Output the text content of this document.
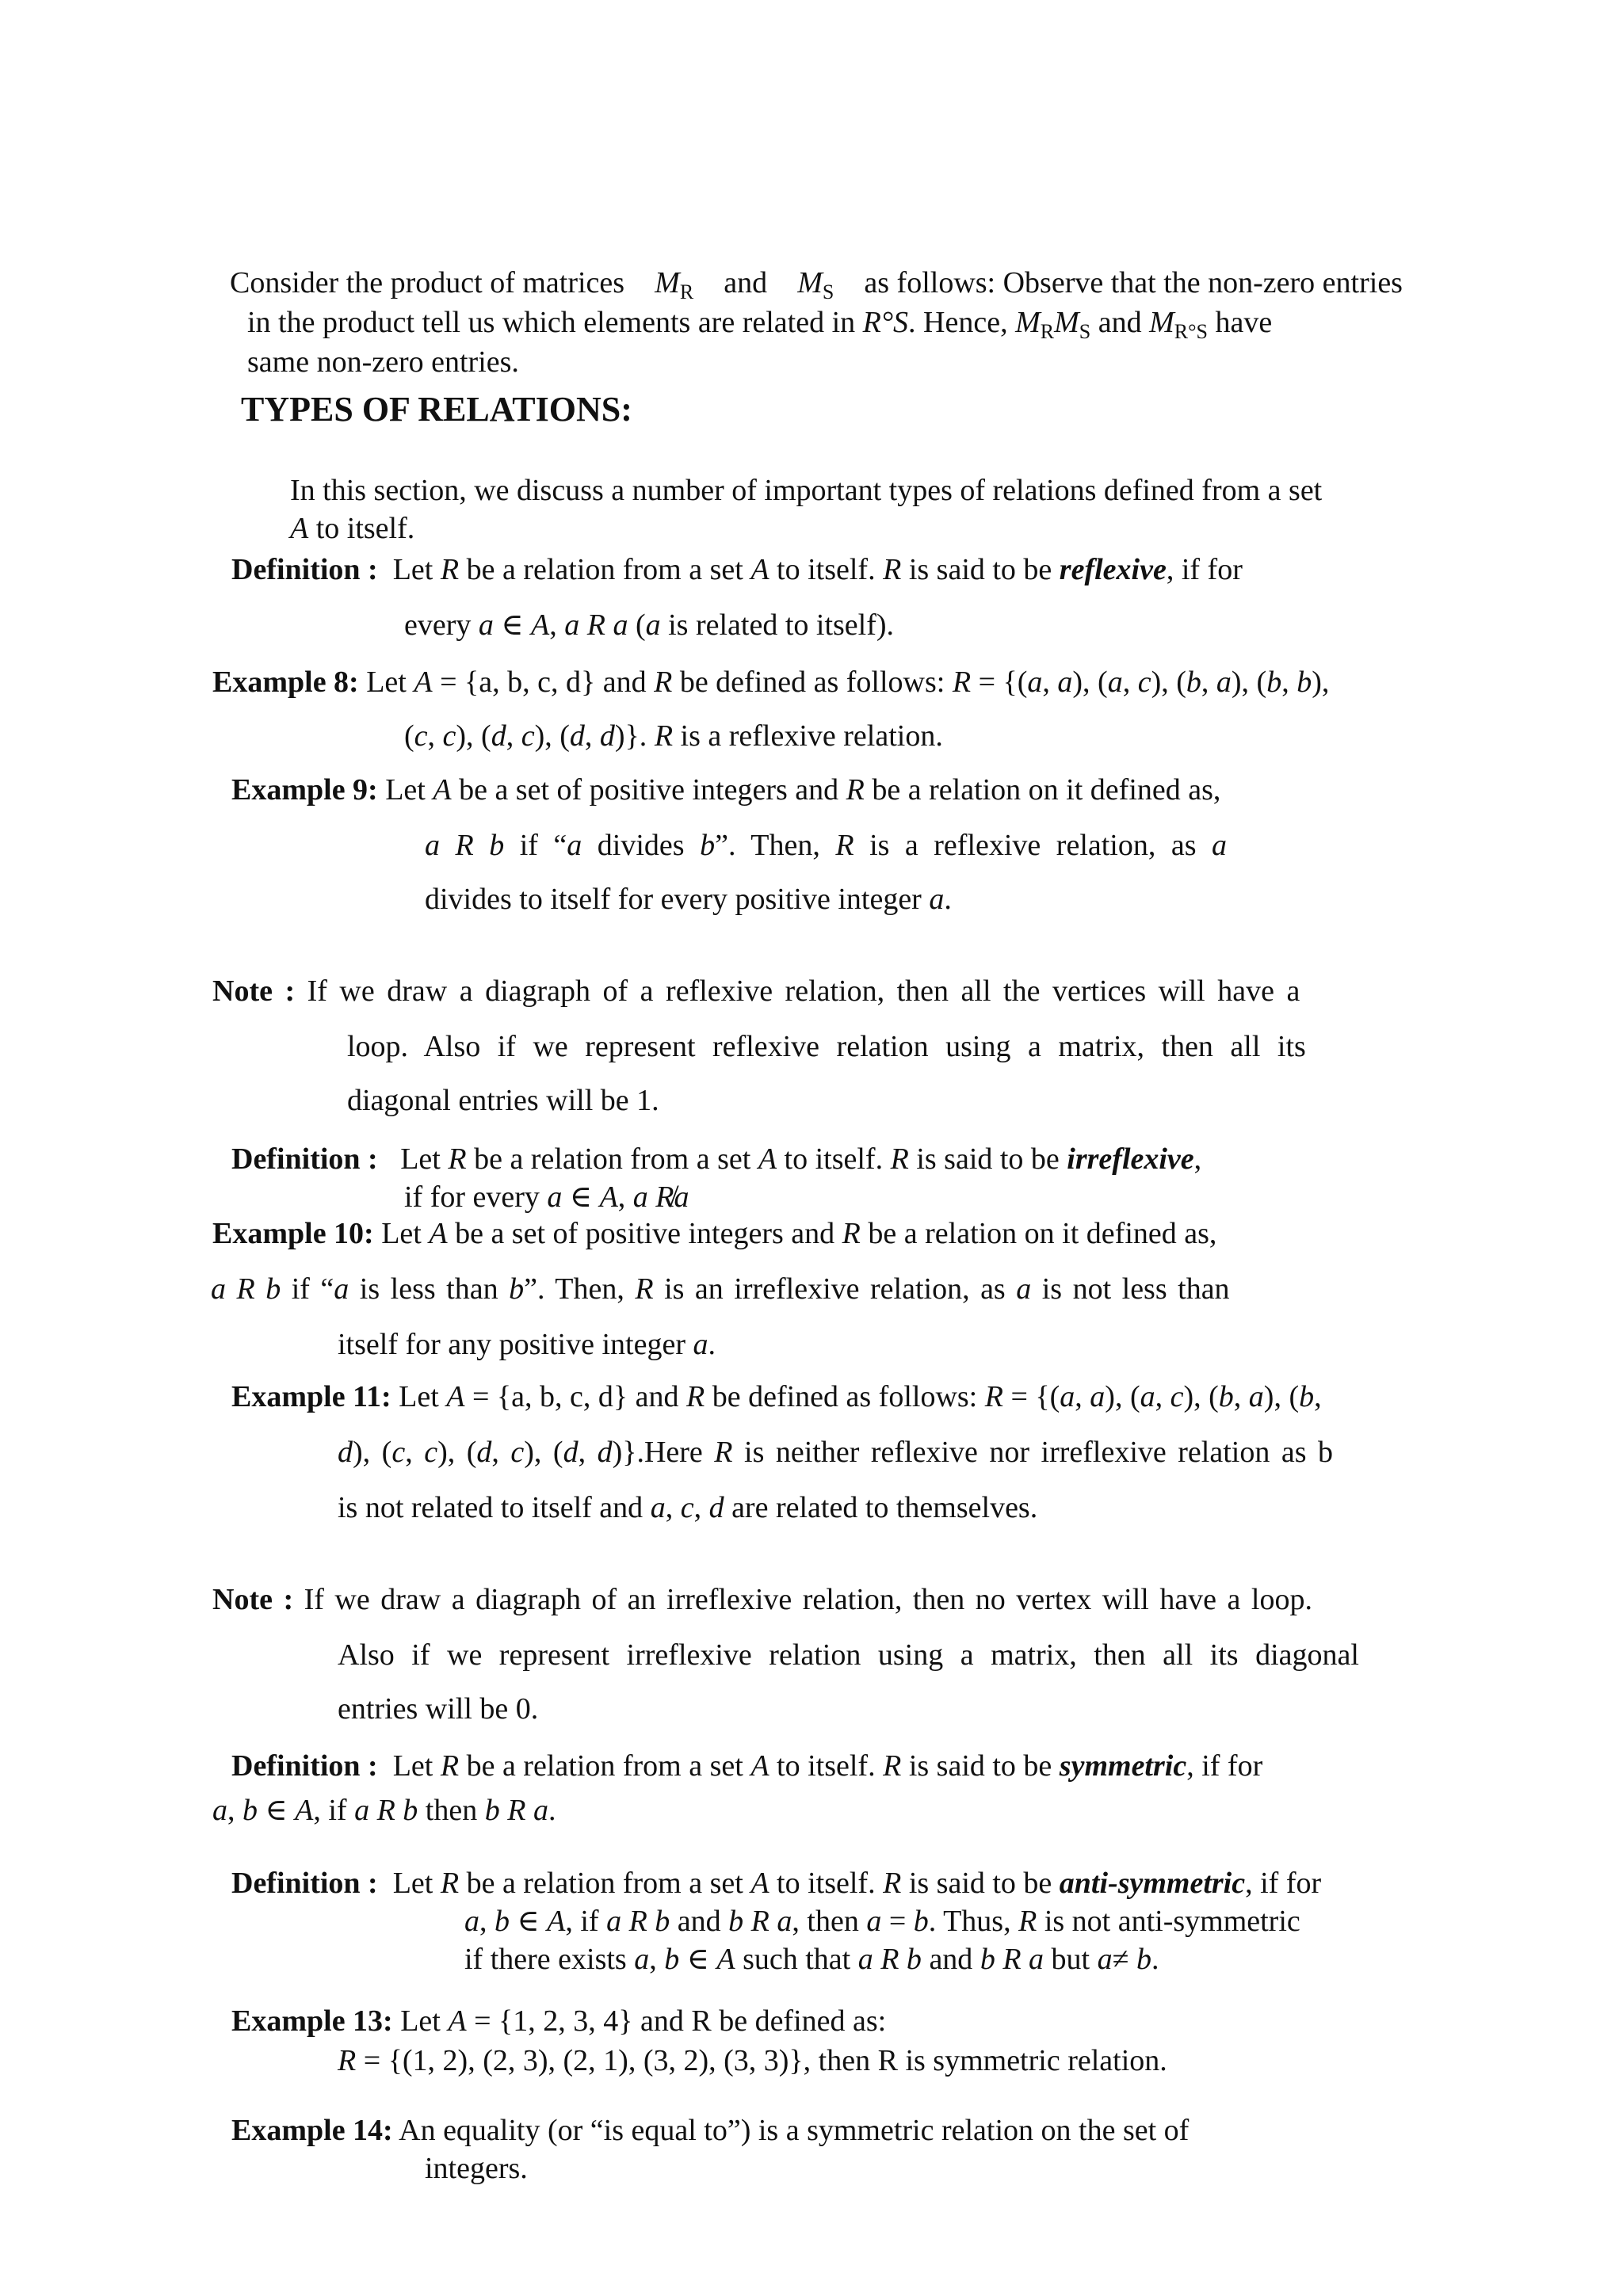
Consider the product of matrices $M_R$ and $M_S$ as follows: Observe that the non-zero entries
in the product tell us which elements are related in R°S. Hence, $M_RM_S$ and $M_{R^\circ S}$ have
same non-zero entries.
TYPES OF RELATIONS:
In this section, we discuss a number of important types of relations defined from a set
A to itself.
Definition : Let R be a relation from a set A to itself. R is said to be reflexive, if for
every a ∈ A, a R a (a is related to itself).
Example 8: Let A = {a, b, c, d} and R be defined as follows: R = {(a, a), (a, c), (b, a), (b, b),
(c, c), (d, c), (d, d)}. R is a reflexive relation.
Example 9: Let A be a set of positive integers and R be a relation on it defined as,
a R b if “a divides b”. Then, R is a reflexive relation, as a
divides to itself for every positive integer a.
Note : If we draw a diagraph of a reflexive relation, then all the vertices will have a
loop. Also if we represent reflexive relation using a matrix, then all its
diagonal entries will be 1.
Definition : Let R be a relation from a set A to itself. R is said to be irreflexive,
if for every a ∈ A, a R̸a
Example 10: Let A be a set of positive integers and R be a relation on it defined as,
a R b if “a is less than b”. Then, R is an irreflexive relation, as a is not less than
itself for any positive integer a.
Example 11: Let A = {a, b, c, d} and R be defined as follows: R = {(a, a), (a, c), (b, a), (b,
d), (c, c), (d, c), (d, d)}.Here R is neither reflexive nor irreflexive relation as b
is not related to itself and a, c, d are related to themselves.
Note : If we draw a diagraph of an irreflexive relation, then no vertex will have a loop.
Also if we represent irreflexive relation using a matrix, then all its diagonal
entries will be 0.
Definition : Let R be a relation from a set A to itself. R is said to be symmetric, if for
a, b ∈ A, if a R b then b R a.
Definition : Let R be a relation from a set A to itself. R is said to be anti-symmetric, if for
a, b ∈ A, if a R b and b R a, then a = b. Thus, R is not anti-symmetric
if there exists a, b ∈ A such that a R b and b R a but a≠ b.
Example 13: Let A = {1, 2, 3, 4} and R be defined as:
R = {(1, 2), (2, 3), (2, 1), (3, 2), (3, 3)}, then R is symmetric relation.
Example 14: An equality (or “is equal to”) is a symmetric relation on the set of
integers.
